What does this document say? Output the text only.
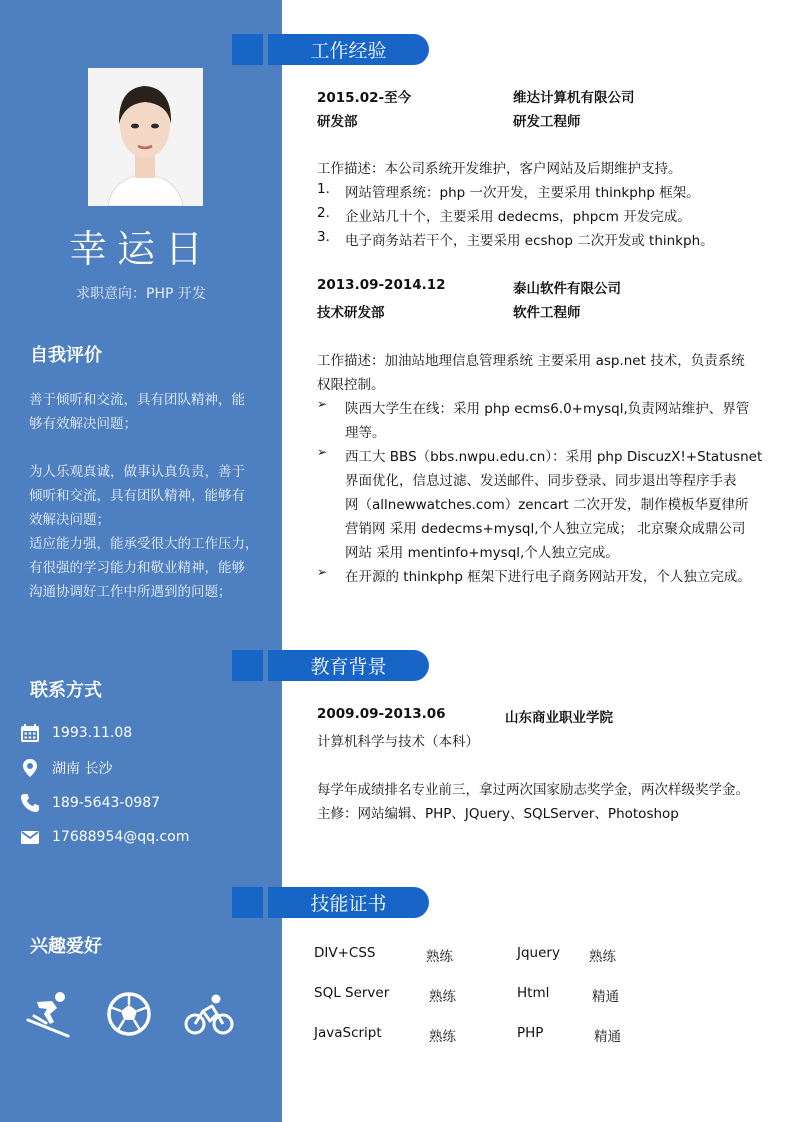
幸运日
求职意向：PHP 开发
自我评价
善于倾听和交流，具有团队精神，能
够有效解决问题；
为人乐观真诚，做事认真负责，善于
倾听和交流，具有团队精神，能够有
效解决问题；
适应能力强，能承受很大的工作压力，
有很强的学习能力和敬业精神，能够
沟通协调好工作中所遇到的问题；
联系方式
1993.11.08
湖南 长沙
189-5643-0987
17688954@qq.com
兴趣爱好
工作经验
2015.02-至今	维达计算机有限公司
研发部	研发工程师
工作描述：本公司系统开发维护，客户网站及后期维护支持。
1. 网站管理系统：php 一次开发，主要采用 thinkphp 框架。
2. 企业站几十个，主要采用 dedecms，phpcm 开发完成。
3. 电子商务站若干个，主要采用 ecshop 二次开发或 thinkph。
2013.09-2014.12	泰山软件有限公司
技术研发部	软件工程师
工作描述：加油站地理信息管理系统 主要采用 asp.net 技术，负责系统
权限控制。
➢ 陕西大学生在线：采用 php ecms6.0+mysql,负责网站维护、界管
理等。
➢ 西工大 BBS（bbs.nwpu.edu.cn）：采用 php DiscuzX!+Statusnet
界面优化，信息过滤、发送邮件、同步登录、同步退出等程序手表
网（allnewwatches.com）zencart 二次开发，制作模板华夏律所
营销网 采用 dedecms+mysql,个人独立完成； 北京聚众成鼎公司
网站 采用 mentinfo+mysql,个人独立完成。
➢ 在开源的 thinkphp 框架下进行电子商务网站开发，个人独立完成。
教育背景
2009.09-2013.06	山东商业职业学院
计算机科学与技术（本科）
每学年成绩排名专业前三，拿过两次国家励志奖学金，两次样级奖学金。
主修：网站编辑、PHP、JQuery、SQLServer、Photoshop
技能证书
DIV+CSS	熟练	Jquery 熟练
SQL Server	熟练	Html	精通
JavaScript	熟练	PHP	精通
